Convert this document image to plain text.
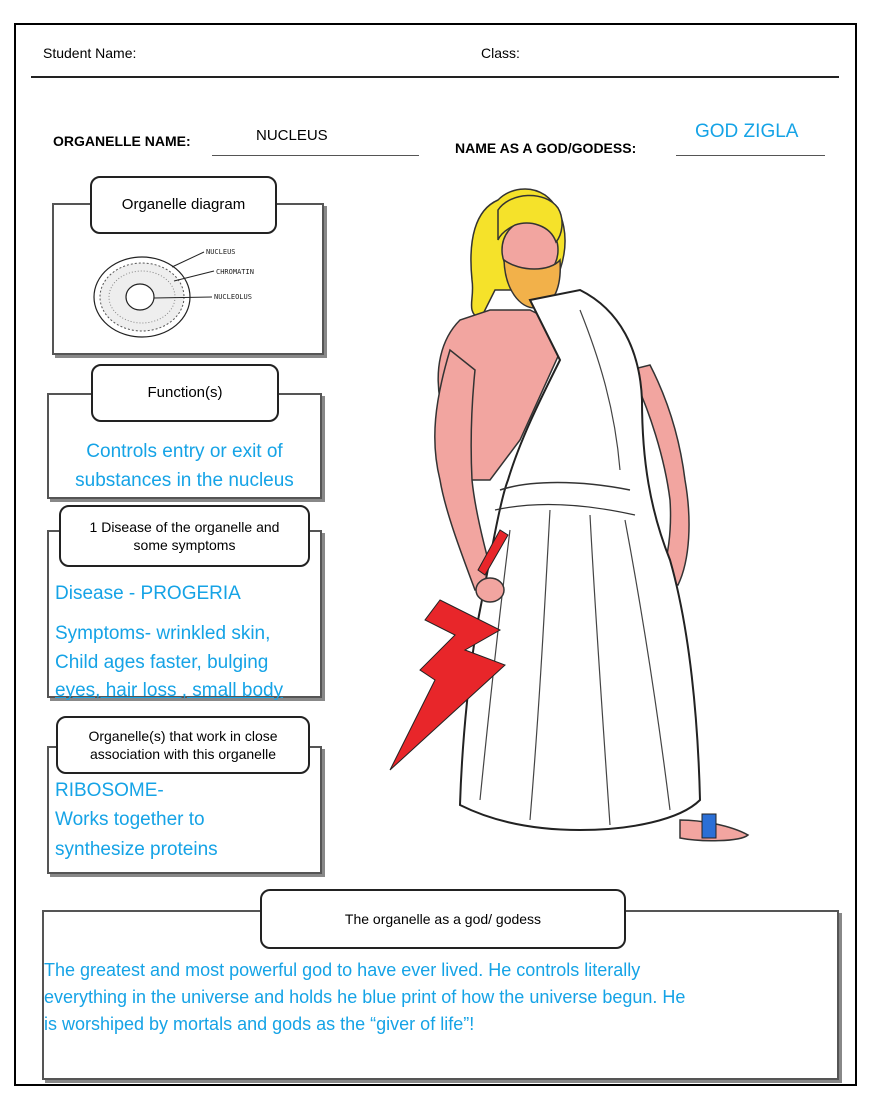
Student Name:	Class:
ORGANELLE NAME:	NUCLEUS
NAME AS A GOD/GODESS:
GOD ZIGLA
NUCLEUS
CHROMATIN
NUCLEOLUS
Organelle diagram
Function(s)
Controls entry or exit of
substances in the nucleus
1 Disease of the organelle and
some symptoms
Disease - PROGERIA
Symptoms- wrinkled skin,
Child ages faster, bulging
eyes, hair loss , small body
Organelle(s) that work in close
association with this organelle
RIBOSOME-
Works together to
synthesize proteins
The organelle as a god/ godess
The greatest and most powerful god to have ever lived. He controls literally
everything in the universe and holds he blue print of how the universe begun. He
is worshiped by mortals and gods as the “giver of life”!
